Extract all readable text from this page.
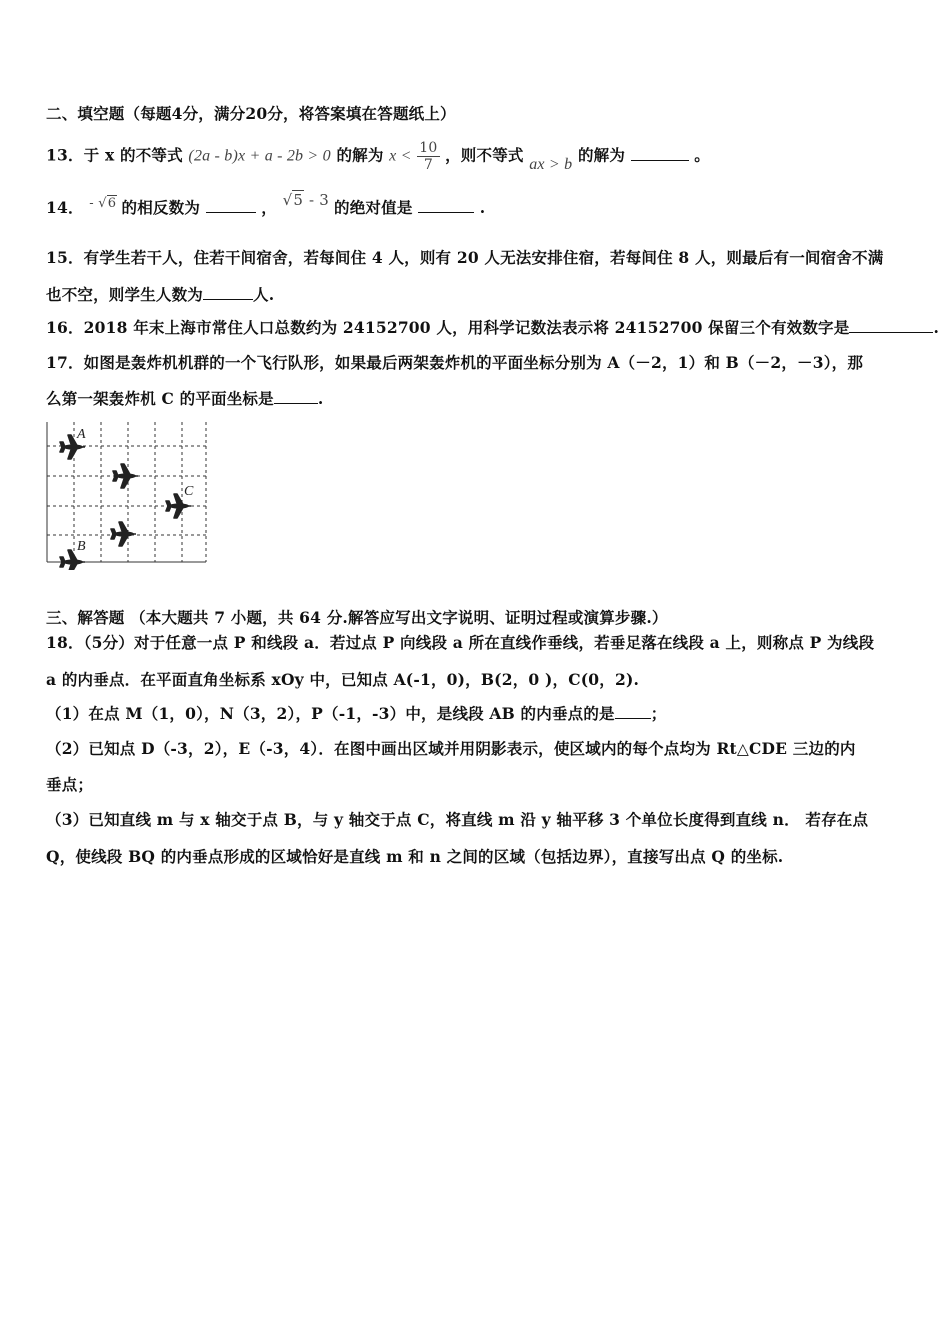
二、填空题（每题4分，满分20分，将答案填在答题纸上）
13．于 x 的不等式 (2a - b)x + a - 2b > 0 的解为 $x < \frac{10}{7}$ ，则不等式 ax > b 的解为	。
14． $^{- √6}$ 的相反数为	， √5 - 3 的绝对值是	.
15．有学生若干人，住若干间宿舍，若每间住 4 人，则有 20 人无法安排住宿，若每间住 8 人，则最后有一间宿舍不满
也不空，则学生人数为	人.
16．2018 年末上海市常住人口总数约为 24152700 人，用科学记数法表示将 24152700 保留三个有效数字是	.
17．如图是轰炸机机群的一个飞行队形，如果最后两架轰炸机的平面坐标分别为 A（－2，1）和 B（－2，－3），那
么第一架轰炸机 C 的平面坐标是	.
A
C
B
三、解答题 （本大题共 7 小题，共 64 分.解答应写出文字说明、证明过程或演算步骤.）
18．（5分）对于任意一点 P 和线段 a．若过点 P 向线段 a 所在直线作垂线，若垂足落在线段 a 上，则称点 P 为线段
a 的内垂点．在平面直角坐标系 xOy 中，已知点 A(-1，0)，B(2，0 )，C(0，2).
（1）在点 M（1，0），N（3，2），P（-1，-3）中，是线段 AB 的内垂点的是 ；
（2）已知点 D（-3，2），E（-3，4）．在图中画出区域并用阴影表示，使区域内的每个点均为 Rt△CDE 三边的内
垂点；
（3）已知直线 m 与 x 轴交于点 B，与 y 轴交于点 C，将直线 m 沿 y 轴平移 3 个单位长度得到直线 n． 若存在点
Q，使线段 BQ 的内垂点形成的区域恰好是直线 m 和 n 之间的区域（包括边界），直接写出点 Q 的坐标.
